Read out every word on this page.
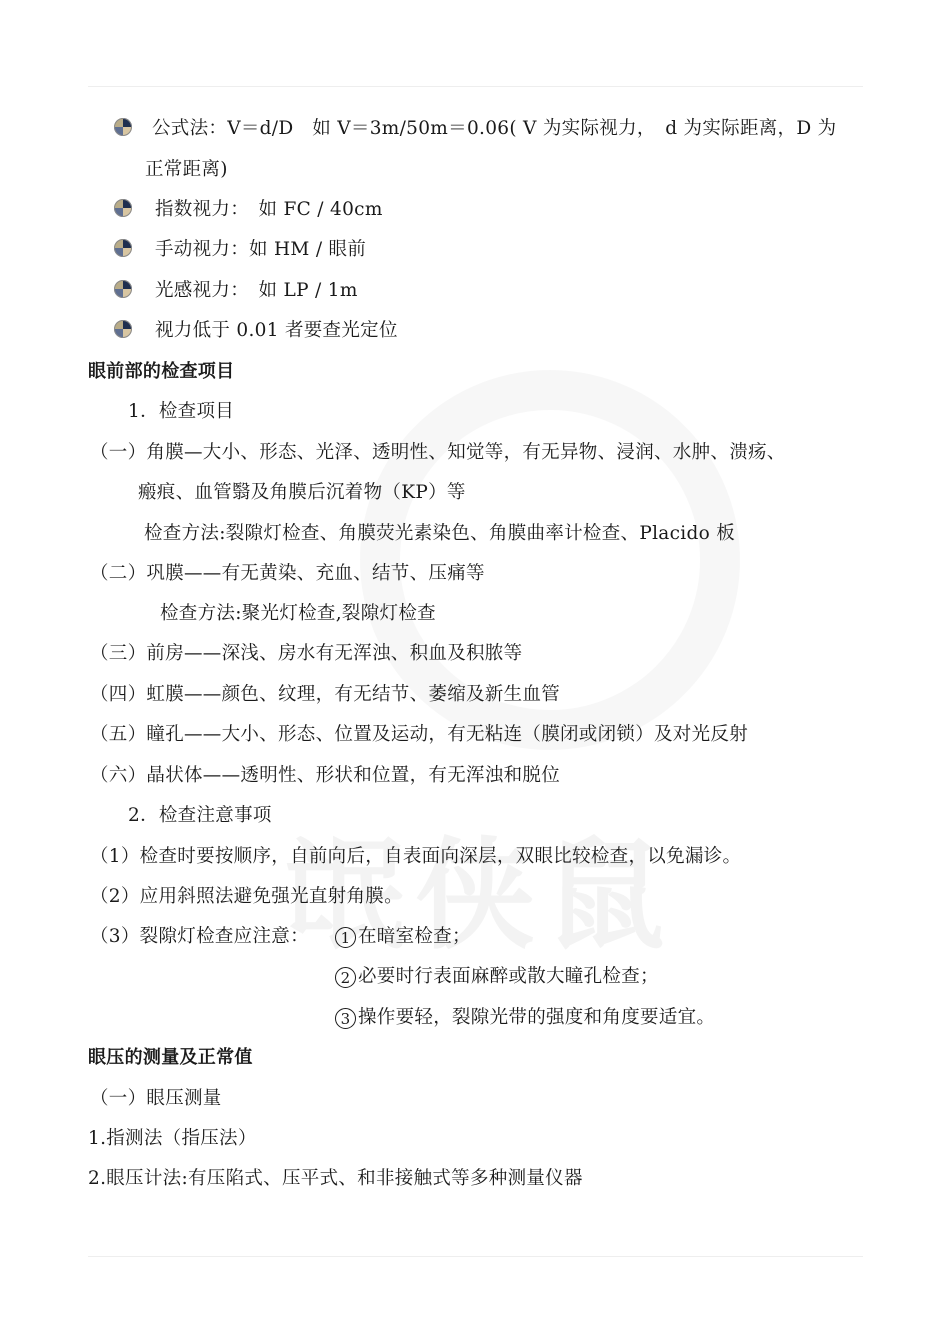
公式法：V＝d/D　如 V＝3m/50m＝0.06( V 为实际视力，　d 为实际距离，D 为
正常距离)
指数视力：　如 FC / 40cm
手动视力：如 HM / 眼前
光感视力：　如 LP / 1m
视力低于 0.01 者要查光定位
眼前部的检查项目
1．检查项目
（一）角膜—大小、形态、光泽、透明性、知觉等，有无异物、浸润、水肿、溃疡、
瘢痕、血管翳及角膜后沉着物（KP）等
检查方法:裂隙灯检查、角膜荧光素染色、角膜曲率计检查、Placido 板
（二）巩膜——有无黄染、充血、结节、压痛等
检查方法:聚光灯检查,裂隙灯检查
（三）前房——深浅、房水有无浑浊、积血及积脓等
（四）虹膜——颜色、纹理，有无结节、萎缩及新生血管
（五）瞳孔——大小、形态、位置及运动，有无粘连（膜闭或闭锁）及对光反射
（六）晶状体——透明性、形状和位置，有无浑浊和脱位
2．检查注意事项
（1）检查时要按顺序，自前向后，自表面向深层，双眼比较检查，以免漏诊。
（2）应用斜照法避免强光直射角膜。
（3）裂隙灯检查应注意：	1 在暗室检查；
2 必要时行表面麻醉或散大瞳孔检查；
3 操作要轻，裂隙光带的强度和角度要适宜。
眼压的测量及正常值
（一）眼压测量
1.指测法（指压法）
2.眼压计法:有压陷式、压平式、和非接触式等多种测量仪器
